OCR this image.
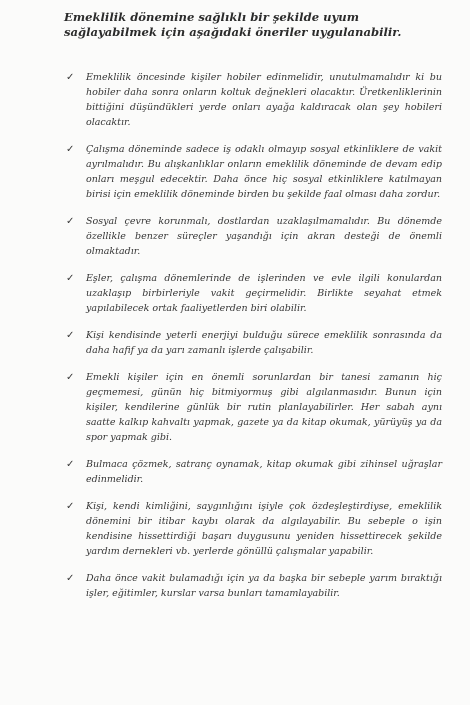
Emeklilik dönemine sağlıklı bir şekilde uyum sağlayabilmek için aşağıdaki öneriler uygulanabilir.
✓ Emeklilik öncesinde kişiler hobiler edinmelidir, unutulmamalıdır ki bu hobiler daha sonra onların koltuk değnekleri olacaktır. Üretkenliklerinin bittiğini düşündükleri yerde onları ayağa kaldıracak olan şey hobileri olacaktır.
✓ Çalışma döneminde sadece iş odaklı olmayıp sosyal etkinliklere de vakit ayrılmalıdır. Bu alışkanlıklar onların emeklilik döneminde de devam edip onları meşgul edecektir. Daha önce hiç sosyal etkinliklere katılmayan birisi için emeklilik döneminde birden bu şekilde faal olması daha zordur.
✓ Sosyal çevre korunmalı, dostlardan uzaklaşılmamalıdır. Bu dönemde özellikle benzer süreçler yaşandığı için akran desteği de önemli olmaktadır.
✓ Eşler, çalışma dönemlerinde de işlerinden ve evle ilgili konulardan uzaklaşıp birbirleriyle vakit geçirmelidir. Birlikte seyahat etmek yapılabilecek ortak faaliyetlerden biri olabilir.
✓ Kişi kendisinde yeterli enerjiyi bulduğu sürece emeklilik sonrasında da daha hafif ya da yarı zamanlı işlerde çalışabilir.
✓ Emekli kişiler için en önemli sorunlardan bir tanesi zamanın hiç geçmemesi, günün hiç bitmiyormuş gibi algılanmasıdır. Bunun için kişiler, kendilerine günlük bir rutin planlayabilirler. Her sabah aynı saatte kalkıp kahvaltı yapmak, gazete ya da kitap okumak, yürüyüş ya da spor yapmak gibi.
✓ Bulmaca çözmek, satranç oynamak, kitap okumak gibi zihinsel uğraşlar edinmelidir.
✓ Kişi, kendi kimliğini, saygınlığını işiyle çok özdeşleştirdiyse, emeklilik dönemini bir itibar kaybı olarak da algılayabilir. Bu sebeple o işin kendisine hissettirdiği başarı duygusunu yeniden hissettirecek şekilde yardım dernekleri vb. yerlerde gönüllü çalışmalar yapabilir.
✓ Daha önce vakit bulamadığı için ya da başka bir sebeple yarım bıraktığı işler, eğitimler, kurslar varsa bunları tamamlayabilir.
